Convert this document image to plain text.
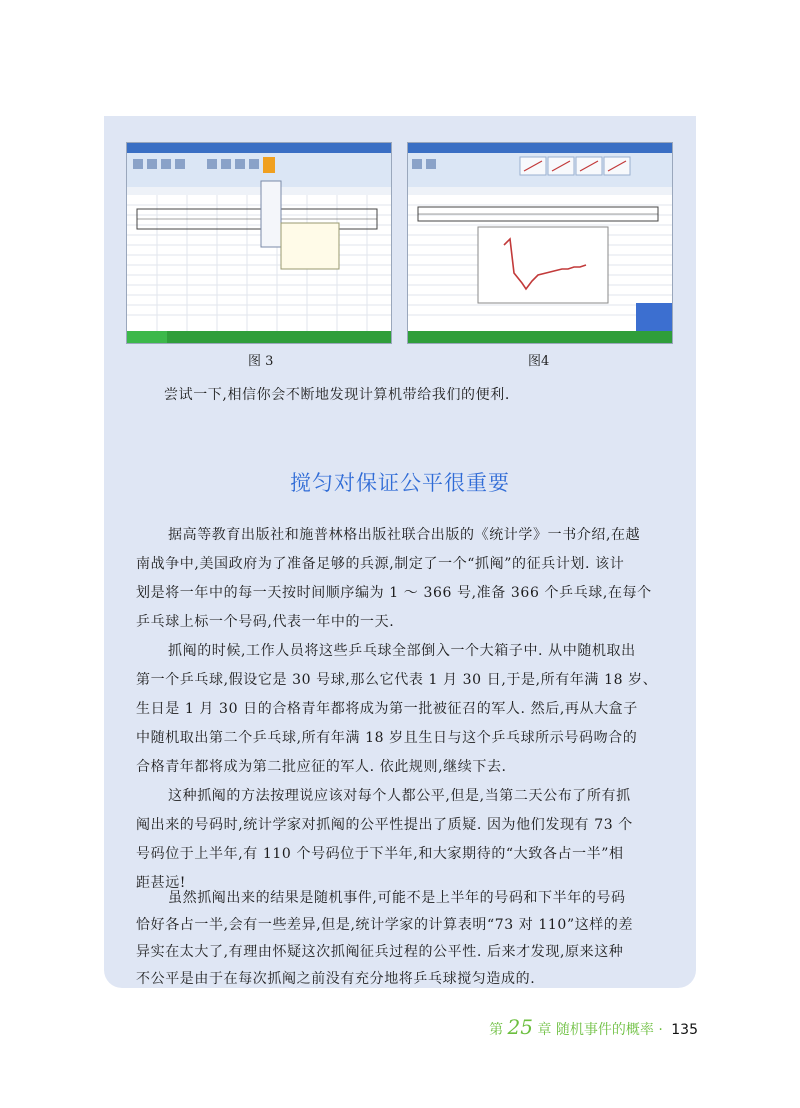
图 3	图4
尝试一下,相信你会不断地发现计算机带给我们的便利.
搅匀对保证公平很重要
据高等教育出版社和施普林格出版社联合出版的《统计学》一书介绍,在越
南战争中,美国政府为了准备足够的兵源,制定了一个“抓阄”的征兵计划. 该计
划是将一年中的每一天按时间顺序编为 1 ～ 366 号,准备 366 个乒乓球,在每个
乒乓球上标一个号码,代表一年中的一天.
抓阄的时候,工作人员将这些乒乓球全部倒入一个大箱子中. 从中随机取出
第一个乒乓球,假设它是 30 号球,那么它代表 1 月 30 日,于是,所有年满 18 岁、
生日是 1 月 30 日的合格青年都将成为第一批被征召的军人. 然后,再从大盒子
中随机取出第二个乒乓球,所有年满 18 岁且生日与这个乒乓球所示号码吻合的
合格青年都将成为第二批应征的军人. 依此规则,继续下去.
这种抓阄的方法按理说应该对每个人都公平,但是,当第二天公布了所有抓
阄出来的号码时,统计学家对抓阄的公平性提出了质疑. 因为他们发现有 73 个
号码位于上半年,有 110 个号码位于下半年,和大家期待的“大致各占一半”相
距甚远!
虽然抓阄出来的结果是随机事件,可能不是上半年的号码和下半年的号码
恰好各占一半,会有一些差异,但是,统计学家的计算表明“73 对 110”这样的差
异实在太大了,有理由怀疑这次抓阄征兵过程的公平性. 后来才发现,原来这种
不公平是由于在每次抓阄之前没有充分地将乒乓球搅匀造成的.
第 25 章 随机事件的概率 · 135
